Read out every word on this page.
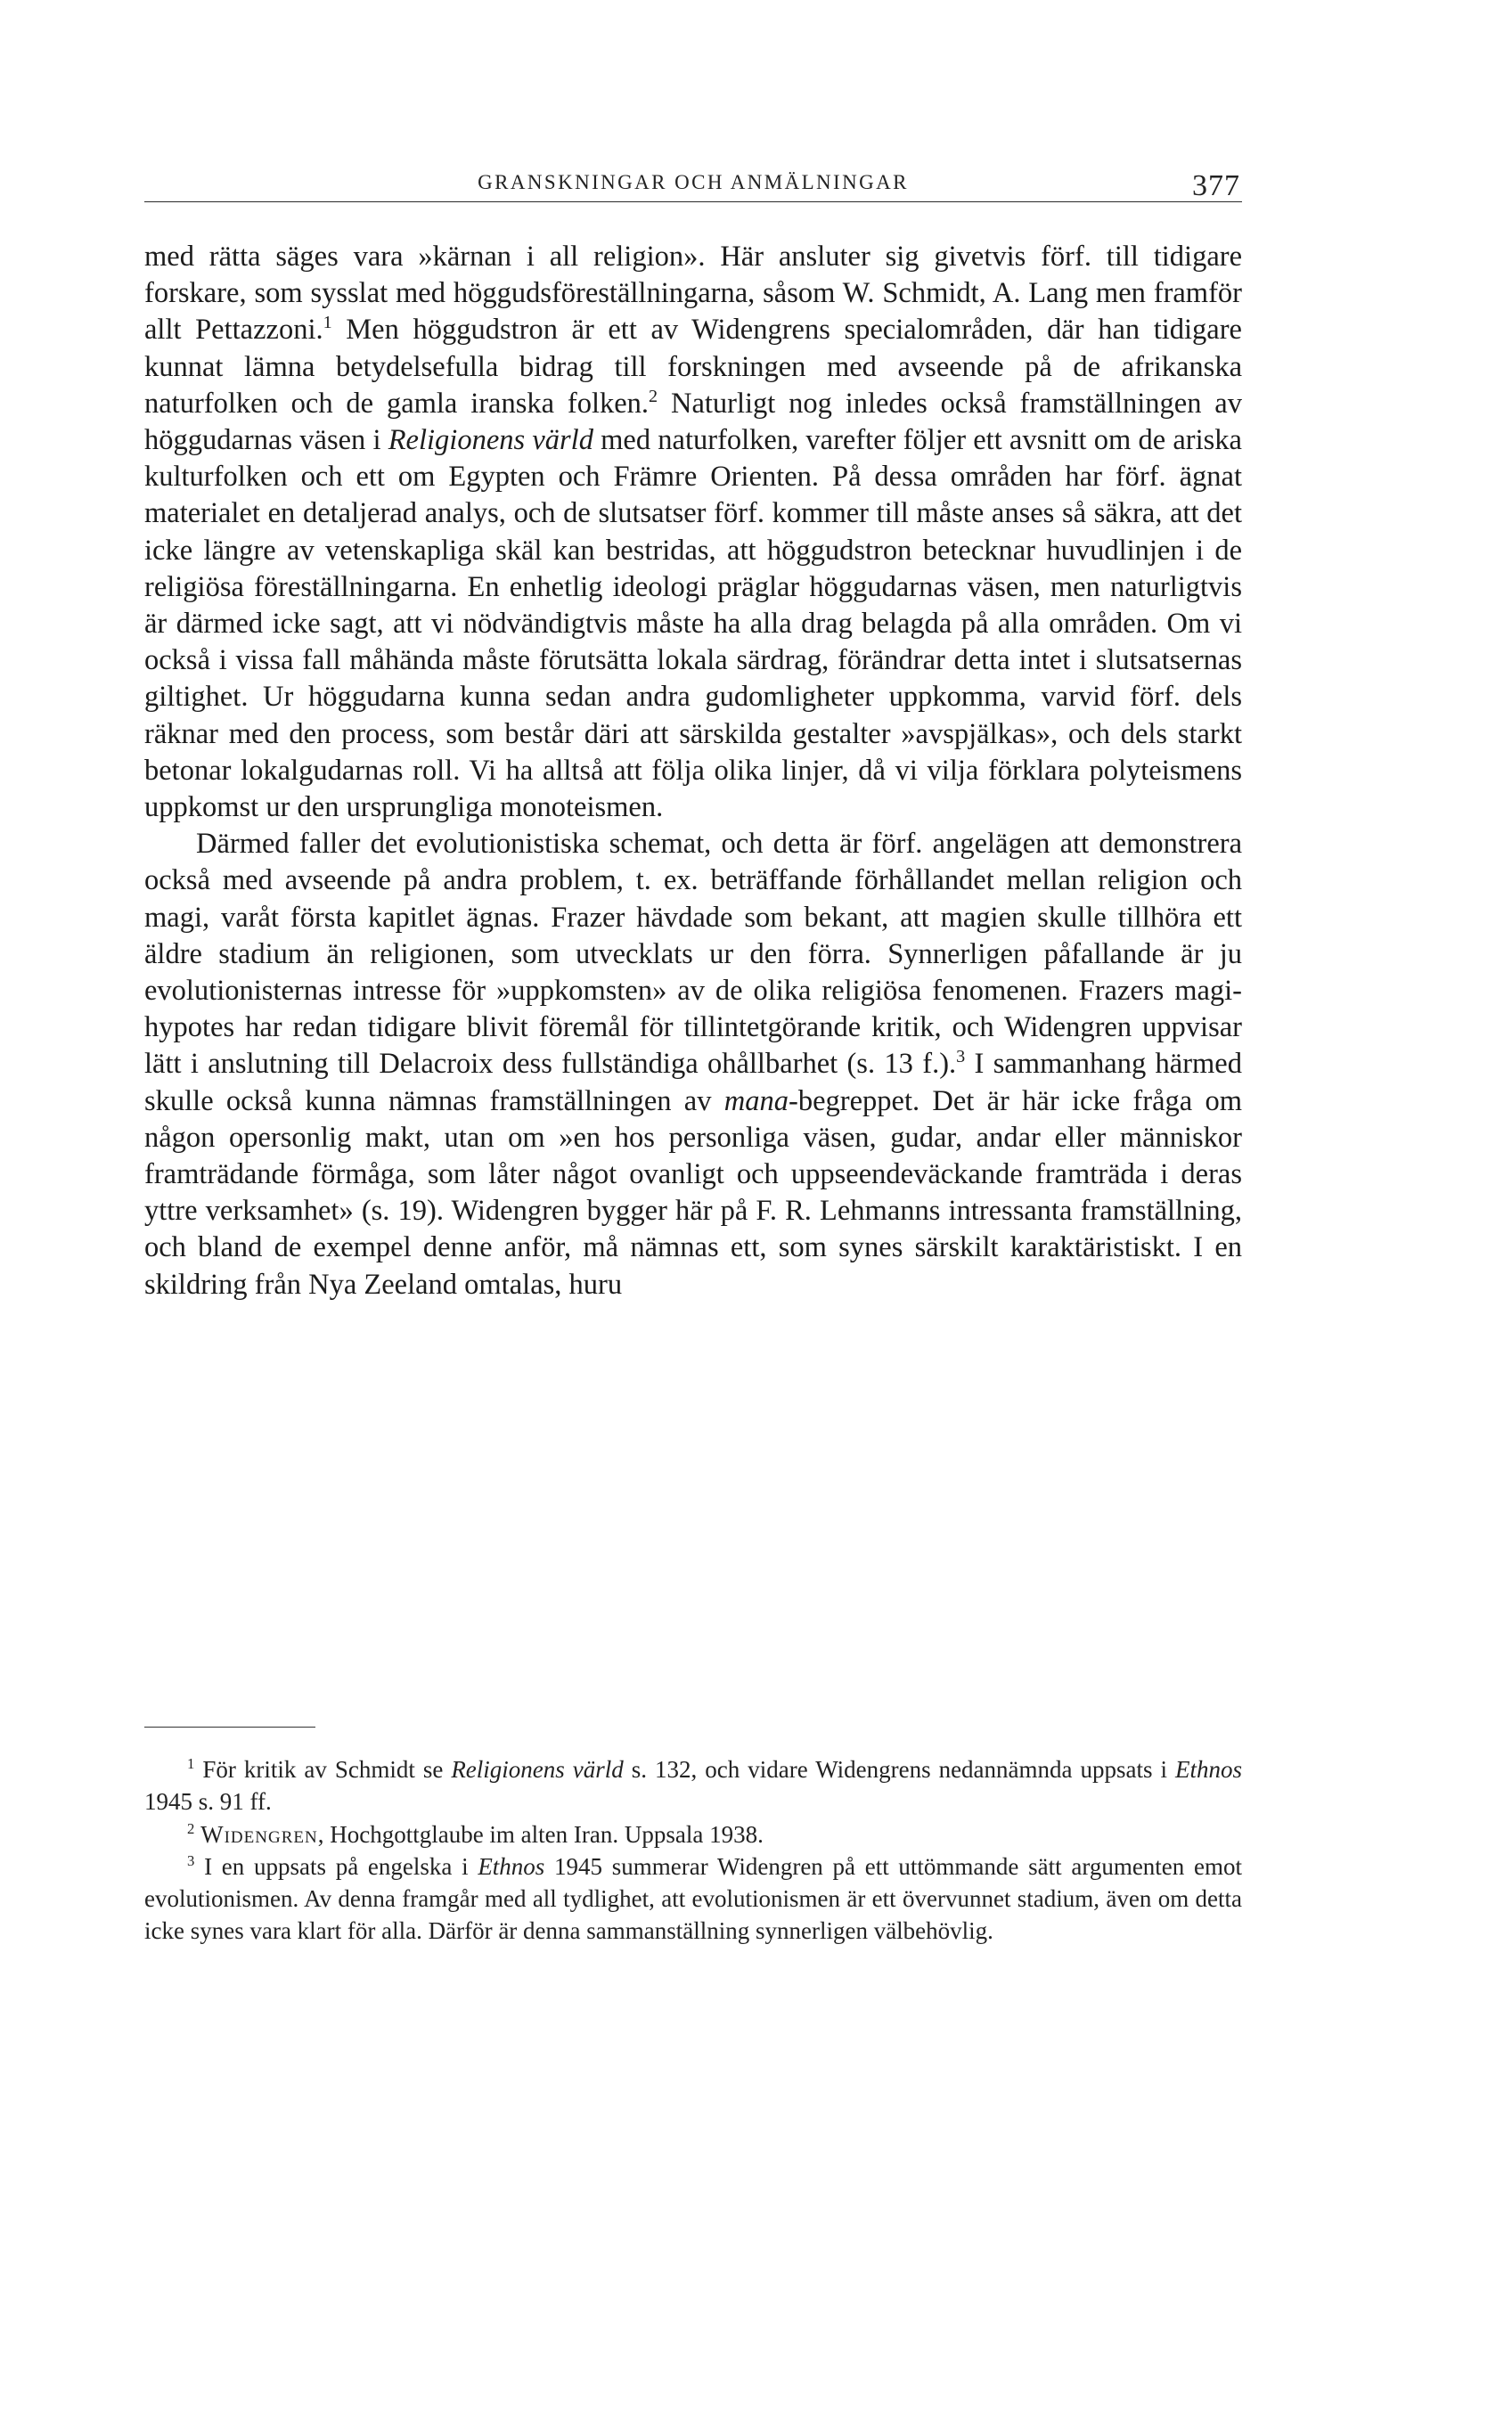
GRANSKNINGAR OCH ANMÄLNINGAR	377

med rätta säges vara »kärnan i all religion». Här ansluter sig givetvis förf. till tidigare forskare, som sysslat med höggudsföreställningarna, såsom W. Schmidt, A. Lang men framför allt Pettazzoni.$^1$ Men höggudstron är ett av Widengrens specialområden, där han tidigare kunnat lämna betydelsefulla bidrag till forskningen med avseende på de afrikanska naturfolken och de gamla iranska folken.$^2$ Naturligt nog inledes också framställningen av höggudarnas väsen i Religionens värld med naturfolken, varefter följer ett avsnitt om de ariska kulturfolken och ett om Egypten och Främre Orienten. På dessa områden har förf. ägnat materialet en detaljerad analys, och de slutsatser förf. kommer till måste anses så säkra, att det icke längre av vetenskapliga skäl kan bestridas, att höggudstron betecknar huvudlinjen i de religiösa föreställningarna. En enhetlig ideologi präglar höggudarnas väsen, men naturligtvis är därmed icke sagt, att vi nödvändigtvis måste ha alla drag belagda på alla områden. Om vi också i vissa fall måhända måste förutsätta lokala särdrag, förändrar detta intet i slutsatsernas giltighet. Ur höggudarna kunna sedan andra gudomligheter uppkomma, varvid förf. dels räknar med den process, som består däri att särskilda gestalter »avspjälkas», och dels starkt betonar lokalgudarnas roll. Vi ha alltså att följa olika linjer, då vi vilja förklara polyteismens uppkomst ur den ursprungliga monoteismen.

Därmed faller det evolutionistiska schemat, och detta är förf. angelägen att demonstrera också med avseende på andra problem, t. ex. beträffande förhållandet mellan religion och magi, varåt första kapitlet ägnas. Frazer hävdade som bekant, att magien skulle tillhöra ett äldre stadium än religionen, som utvecklats ur den förra. Synnerligen påfallande är ju evolutionisternas intresse för »uppkomsten» av de olika religiösa fenomenen. Frazers magi-hypotes har redan tidigare blivit föremål för tillintetgörande kritik, och Widengren uppvisar lätt i anslutning till Delacroix dess fullständiga ohållbarhet (s. 13 f.).$^3$ I sammanhang härmed skulle också kunna nämnas framställningen av mana-begreppet. Det är här icke fråga om någon opersonlig makt, utan om »en hos personliga väsen, gudar, andar eller människor framträdande förmåga, som låter något ovanligt och uppseendeväckande framträda i deras yttre verksamhet» (s. 19). Widengren bygger här på F. R. Lehmanns intressanta framställning, och bland de exempel denne anför, må nämnas ett, som synes särskilt karaktäristiskt. I en skildring från Nya Zeeland omtalas, huru

$^1$ För kritik av Schmidt se Religionens värld s. 132, och vidare Widengrens nedannämnda uppsats i Ethnos 1945 s. 91 ff.

$^2$ Widengren, Hochgottglaube im alten Iran. Uppsala 1938.

$^3$ I en uppsats på engelska i Ethnos 1945 summerar Widengren på ett uttömmande sätt argumenten emot evolutionismen. Av denna framgår med all tydlighet, att evolutionismen är ett övervunnet stadium, även om detta icke synes vara klart för alla. Därför är denna sammanställning synnerligen välbehövlig.
